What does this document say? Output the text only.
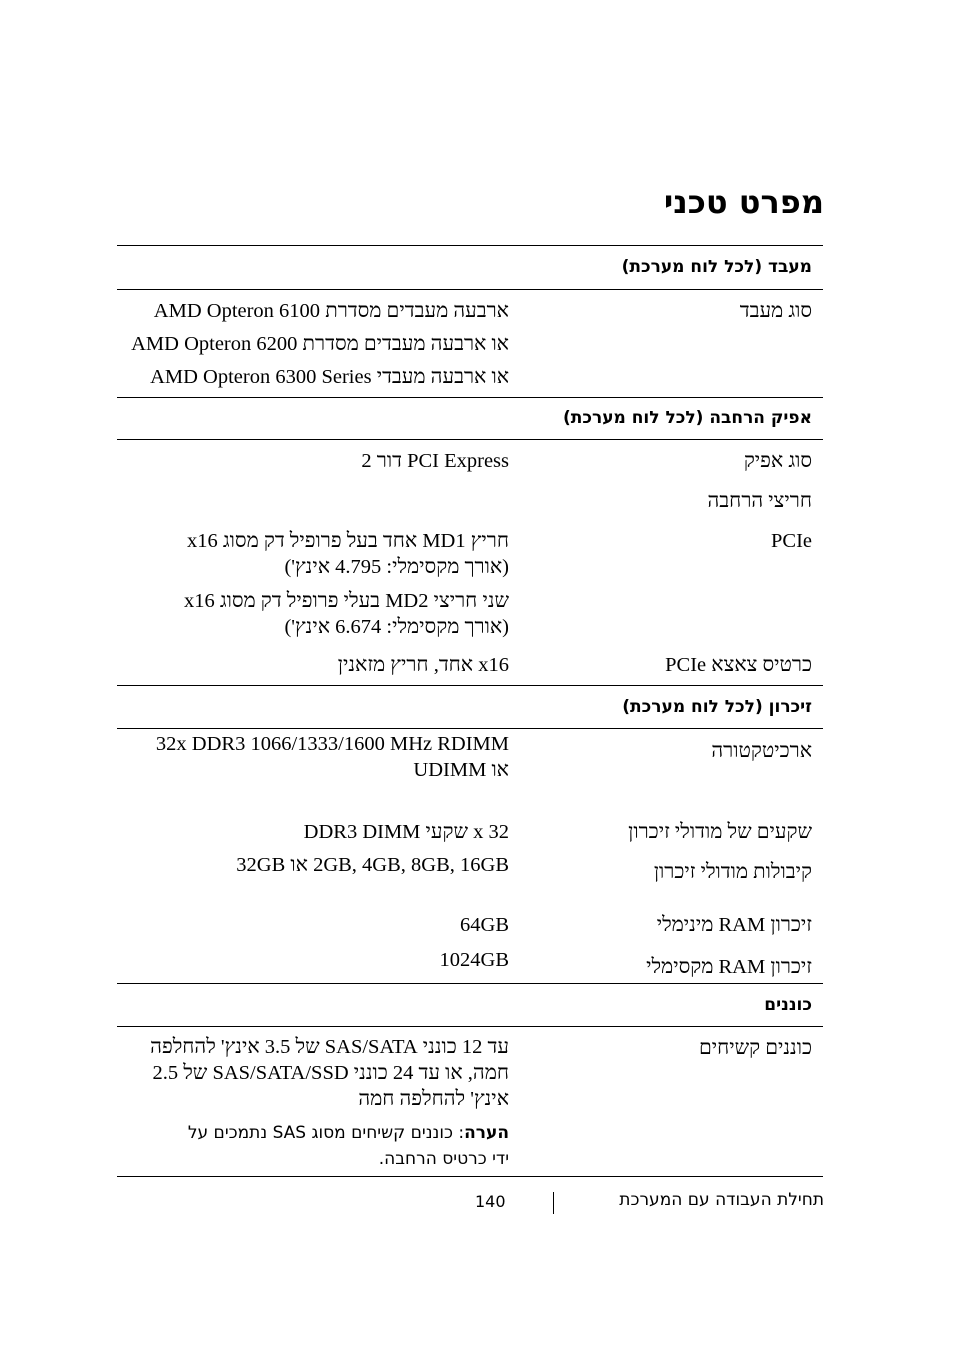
מפרט טכני
מעבד (לכל לוח מערכת)
סוג מעבד
ארבעה מעבדים מסדרת AMD Opteron 6100
או ארבעה מעבדים מסדרת AMD Opteron 6200
או ארבעה מעבדי AMD Opteron 6300 Series
אפיק הרחבה (לכל לוח מערכת)
סוג אפיק
PCI Express דור 2
חריצי הרחבה
PCIe
חריץ MD1 אחד בעל פרופיל דק מסוג x16
(אורך מקסימלי: 4.795 אינץ')
שני חריצי MD2 בעלי פרופיל דק מסוג x16
(אורך מקסימלי: 6.674 אינץ')
כרטיס צאצא PCIe
x16 אחד, חריץ מזאנין
זיכרון (לכל לוח מערכת)
ארכיטקטורה
32x DDR3 1066/1333/1600 MHz RDIMM
או UDIMM
שקעים של מודולי זיכרון
32 x שקעי DDR3 DIMM
קיבולות מודולי זיכרון
2GB, 4GB, 8GB, 16GB או 32GB
זיכרון RAM מינימלי
64GB
זיכרון RAM מקסימלי
1024GB
כוננים
כוננים קשיחים
עד 12 כונני SAS/SATA של 3.5 אינץ' להחלפה
חמה, או עד 24 כונני SAS/SATA/SSD של 2.5
אינץ' להחלפה חמה
הערה: כוננים קשיחים מסוג SAS נתמכים על
ידי כרטיס הרחבה.
תחילת העבודה עם המערכת
140
